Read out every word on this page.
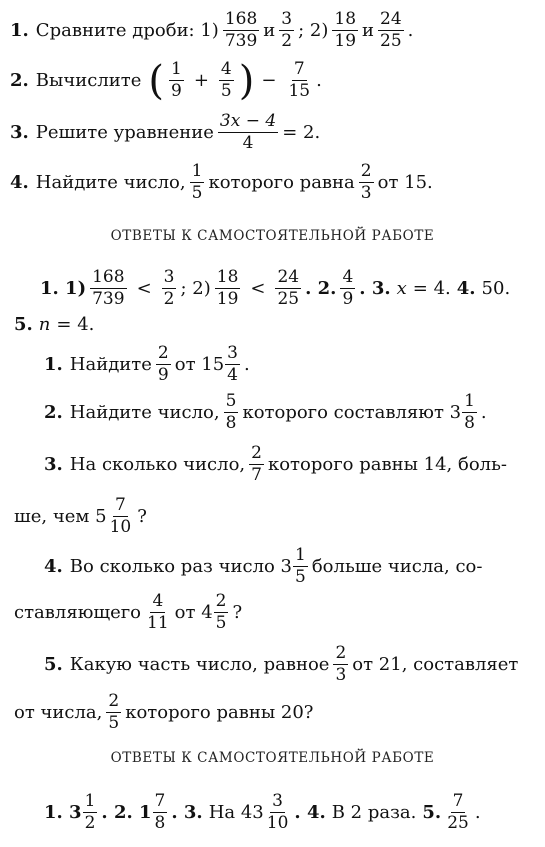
1. Сравните дроби: $1) \frac{168}{739}$ и $\frac{3}{2}$ ; $2) \frac{18}{19}$ и $\frac{24}{25}$ .
2. Вычислите ( $\frac{1}{9} + \frac{4}{5}$ ) − $\frac{7}{15}$ .
3. Решите уравнение $\frac{3x - 4}{4} = 2$.
4. Найдите число, $\frac{1}{5}$ которого равна $\frac{2}{3}$ от 15.
ОТВЕТЫ К САМОСТОЯТЕЛЬНОЙ РАБОТЕ
1. $1) \frac{168}{739} < \frac{3}{2}$ ; $2) \frac{18}{19} < \frac{24}{25}$ . 2. $\frac{4}{9}$ . 3. x = 4. 4. 50.
5. n = 4.
1. Найдите $\frac{2}{9}$ от $15 \frac{3}{4}$ .
2. Найдите число, $\frac{5}{8}$ которого составляют $3 \frac{1}{8}$ .
3. На сколько число, $\frac{2}{7}$ которого равны 14, боль-
ше, чем $5 \frac{7}{10}$ ?
4. Во сколько раз число $3 \frac{1}{5}$ больше числа, со-
ставляющего $\frac{4}{11}$ от $4 \frac{2}{5}$ ?
5. Какую часть число, равное $\frac{2}{3}$ от 21, составляет
от числа, $\frac{2}{5}$ которого равны 20?
ОТВЕТЫ К САМОСТОЯТЕЛЬНОЙ РАБОТЕ
1. $3 \frac{1}{2}$ . 2. $1 \frac{7}{8}$ . 3. На $43 \frac{3}{10}$ . 4. В 2 раза. 5. $\frac{7}{25}$ .
